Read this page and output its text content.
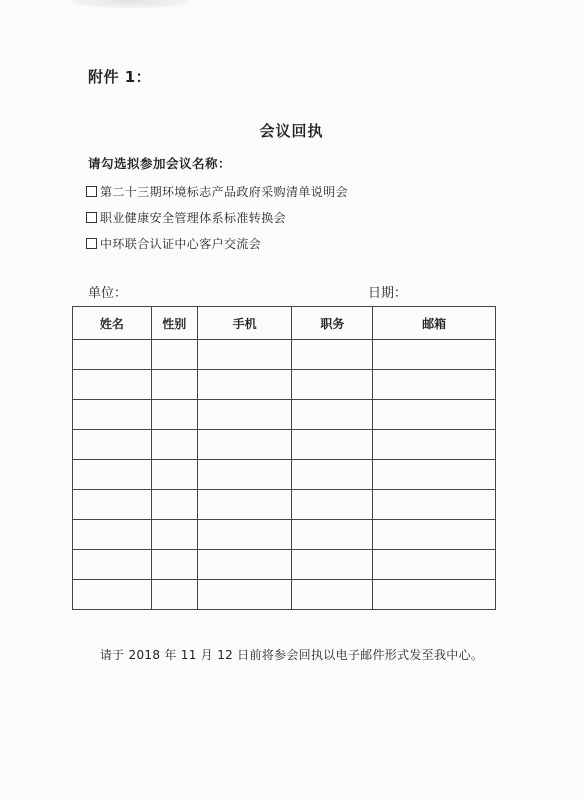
附件 1：
会议回执
请勾选拟参加会议名称：
第二十三期环境标志产品政府采购清单说明会
职业健康安全管理体系标准转换会
中环联合认证中心客户交流会
单位：	日期：
姓名	性别	手机	职务	邮箱

请于 2018 年 11 月 12 日前将参会回执以电子邮件形式发至我中心。
